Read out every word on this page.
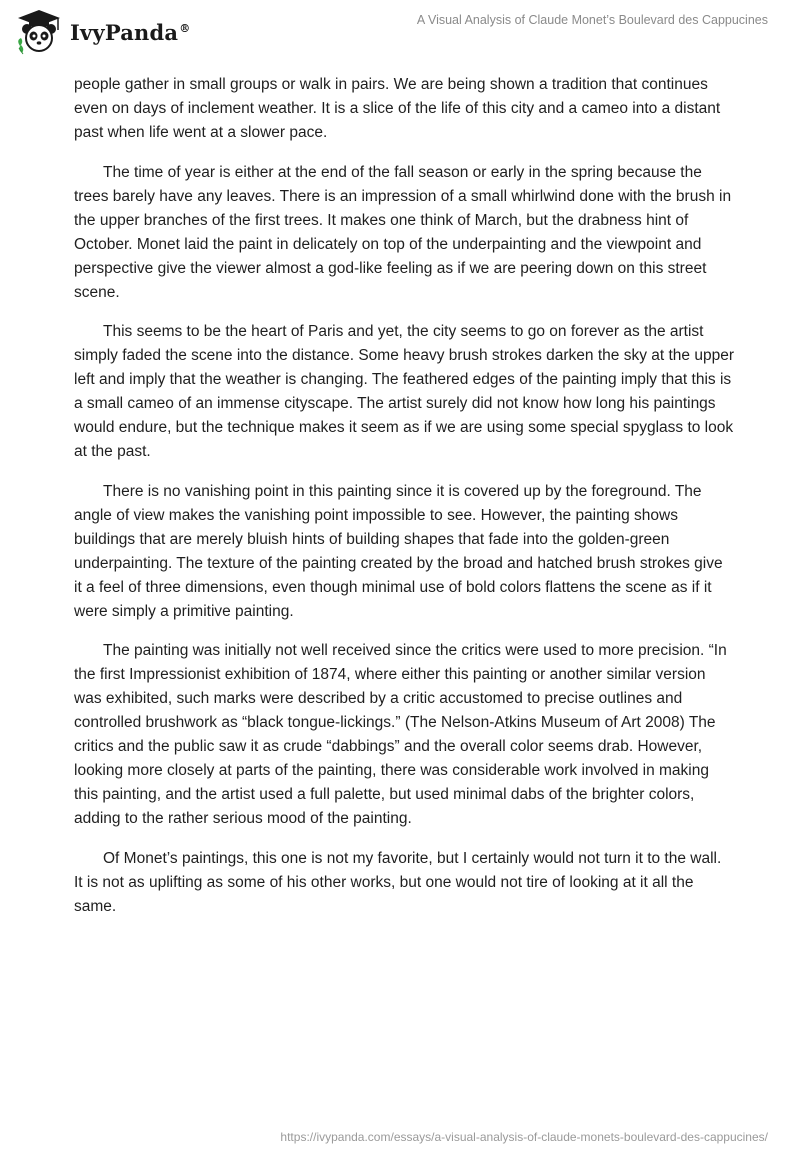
IvyPanda®
A Visual Analysis of Claude Monet’s Boulevard des Cappucines

people gather in small groups or walk in pairs. We are being shown a tradition that continues even on days of inclement weather. It is a slice of the life of this city and a cameo into a distant past when life went at a slower pace.

The time of year is either at the end of the fall season or early in the spring because the trees barely have any leaves. There is an impression of a small whirlwind done with the brush in the upper branches of the first trees. It makes one think of March, but the drabness hint of October. Monet laid the paint in delicately on top of the underpainting and the viewpoint and perspective give the viewer almost a god-like feeling as if we are peering down on this street scene.

This seems to be the heart of Paris and yet, the city seems to go on forever as the artist simply faded the scene into the distance. Some heavy brush strokes darken the sky at the upper left and imply that the weather is changing. The feathered edges of the painting imply that this is a small cameo of an immense cityscape. The artist surely did not know how long his paintings would endure, but the technique makes it seem as if we are using some special spyglass to look at the past.

There is no vanishing point in this painting since it is covered up by the foreground. The angle of view makes the vanishing point impossible to see. However, the painting shows buildings that are merely bluish hints of building shapes that fade into the golden-green underpainting. The texture of the painting created by the broad and hatched brush strokes give it a feel of three dimensions, even though minimal use of bold colors flattens the scene as if it were simply a primitive painting.

The painting was initially not well received since the critics were used to more precision. “In the first Impressionist exhibition of 1874, where either this painting or another similar version was exhibited, such marks were described by a critic accustomed to precise outlines and controlled brushwork as “black tongue-lickings.” (The Nelson-Atkins Museum of Art 2008) The critics and the public saw it as crude “dabbings” and the overall color seems drab. However, looking more closely at parts of the painting, there was considerable work involved in making this painting, and the artist used a full palette, but used minimal dabs of the brighter colors, adding to the rather serious mood of the painting.

Of Monet’s paintings, this one is not my favorite, but I certainly would not turn it to the wall. It is not as uplifting as some of his other works, but one would not tire of looking at it all the same.

https://ivypanda.com/essays/a-visual-analysis-of-claude-monets-boulevard-des-cappucines/
